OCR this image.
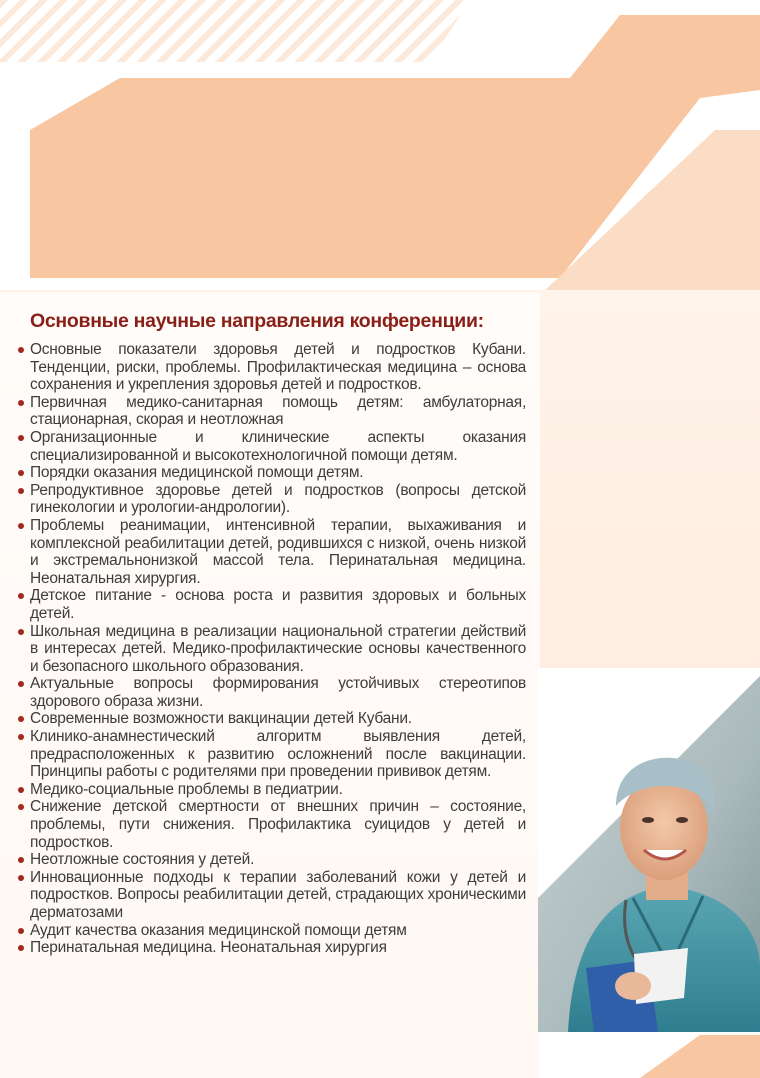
Основные научные направления конференции:
Основные показатели здоровья детей и подростков Кубани. Тенденции, риски, проблемы. Профилактическая медицина – основа сохранения и укрепления здоровья детей и подростков.
Первичная медико-санитарная помощь детям: амбулаторная, стационарная, скорая и неотложная
Организационные и клинические аспекты оказания специализированной и высокотехнологичной помощи детям.
Порядки оказания медицинской помощи детям.
Репродуктивное здоровье детей и подростков (вопросы детской гинекологии и урологии-андрологии).
Проблемы реанимации, интенсивной терапии, выхаживания и комплексной реабилитации детей, родившихся с низкой, очень низкой и экстремальнонизкой массой тела. Перинатальная медицина. Неонатальная хирургия.
Детское питание - основа роста и развития здоровых и больных детей.
Школьная медицина в реализации национальной стратегии действий в интересах детей. Медико-профилактические основы качественного и безопасного школьного образования.
Актуальные вопросы формирования устойчивых стереотипов здорового образа жизни.
Современные возможности вакцинации детей Кубани.
Клинико-анамнестический алгоритм выявления детей, предрасположенных к развитию осложнений после вакцинации. Принципы работы с родителями при проведении прививок детям.
Медико-социальные проблемы в педиатрии.
Снижение детской смертности от внешних причин – состояние, проблемы, пути снижения. Профилактика суицидов у детей и подростков.
Неотложные состояния у детей.
Инновационные подходы к терапии заболеваний кожи у детей и подростков. Вопросы реабилитации детей, страдающих хроническими дерматозами
Аудит качества оказания медицинской помощи детям
Перинатальная медицина. Неонатальная хирургия
